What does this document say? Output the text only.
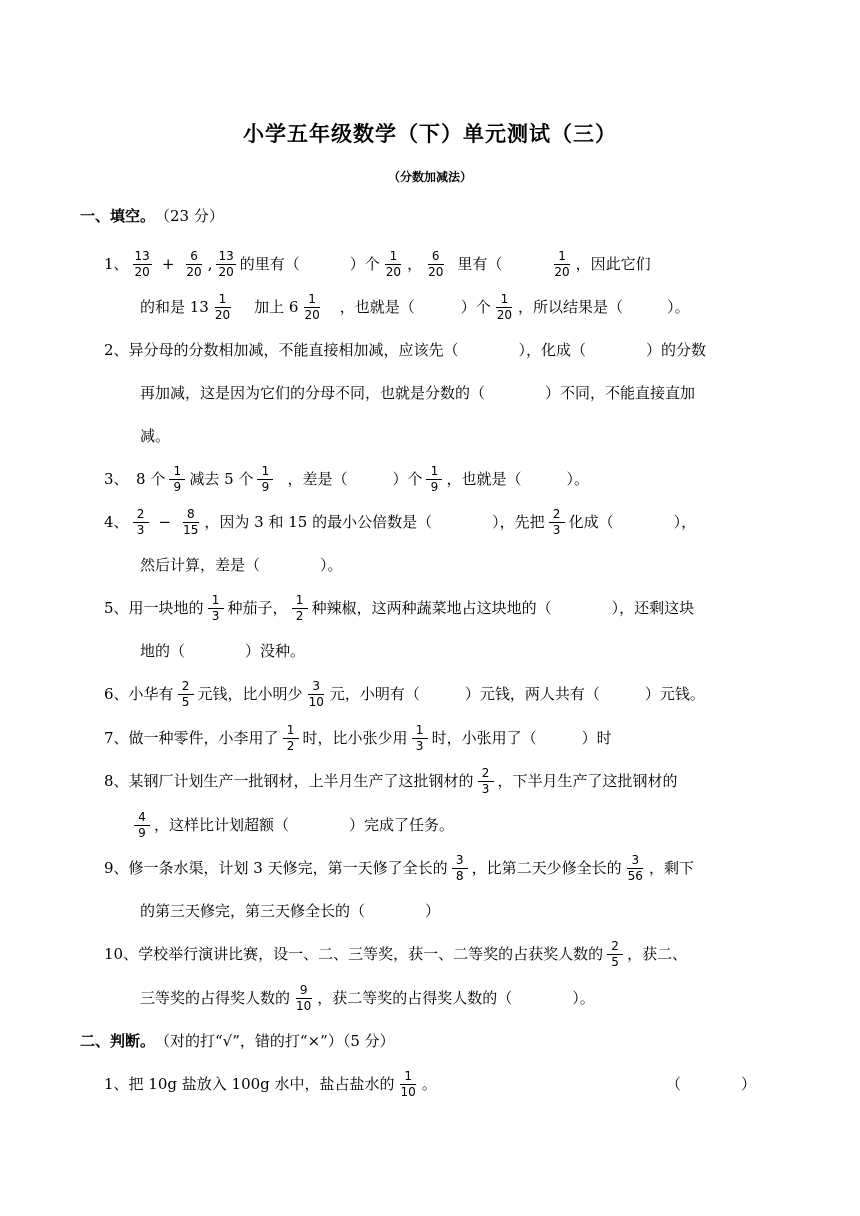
小学五年级数学（下）单元测试（三）
（分数加减法）
一、填空。 （23 分）
1、 $\frac{13}{20} + \frac{6}{20}$ , $\frac{13}{20}$ 的里有（	）个 $\frac{1}{20}$ ， $\frac{6}{20}$ 里有（	$\frac{1}{20}$ ，因此它们
的和是 $13 \frac{1}{20}$ 加上 $6 \frac{1}{20}$ ，也就是（	）个 $\frac{1}{20}$ ，所以结果是（	）。
2、异分母的分数相加减，不能直接相加减，应该先（　　　　），化成（　　　　）的分数
再加减，这是因为它们的分母不同，也就是分数的（　　　　）不同，不能直接直加
减。
3、　8 个 $\frac{1}{9}$ 减去 5 个 $\frac{1}{9}$ ，差是（　　　）个 $\frac{1}{9}$ ，也就是（　　　）。
4、 $\frac{2}{3} - \frac{8}{15}$ ，因为 3 和 15 的最小公倍数是（　　　　），先把 $\frac{2}{3}$ 化成（　　　　），
然后计算，差是（　　　　）。
5、用一块地的 $\frac{1}{3}$ 种茄子， $\frac{1}{2}$ 种辣椒，这两种蔬菜地占这块地的（　　　　），还剩这块
地的（　　　　）没种。
6、小华有 $\frac{2}{5}$ 元钱，比小明少 $\frac{3}{10}$ 元，小明有（　　　）元钱，两人共有（　　　）元钱。
7、做一种零件，小李用了 $\frac{1}{2}$ 时，比小张少用 $\frac{1}{3}$ 时，小张用了（　　　）时
8、某钢厂计划生产一批钢材，上半月生产了这批钢材的 $\frac{2}{3}$ ，下半月生产了这批钢材的
$\frac{4}{9}$ ，这样比计划超额（　　　　）完成了任务。
9、修一条水渠，计划 3 天修完，第一天修了全长的 $\frac{3}{8}$ ，比第二天少修全长的 $\frac{3}{56}$ ，剩下
的第三天修完，第三天修全长的（　　　　）
10、学校举行演讲比赛，设一、二、三等奖，获一、二等奖的占获奖人数的 $\frac{2}{5}$ ，获二、
三等奖的占得奖人数的 $\frac{9}{10}$ ，获二等奖的占得奖人数的（　　　　）。
二、判断。 （对的打“√”，错的打“×”）（5 分）
1、把 10g 盐放入 100g 水中，盐占盐水的 $\frac{1}{10}$ 。	（　　　　）
